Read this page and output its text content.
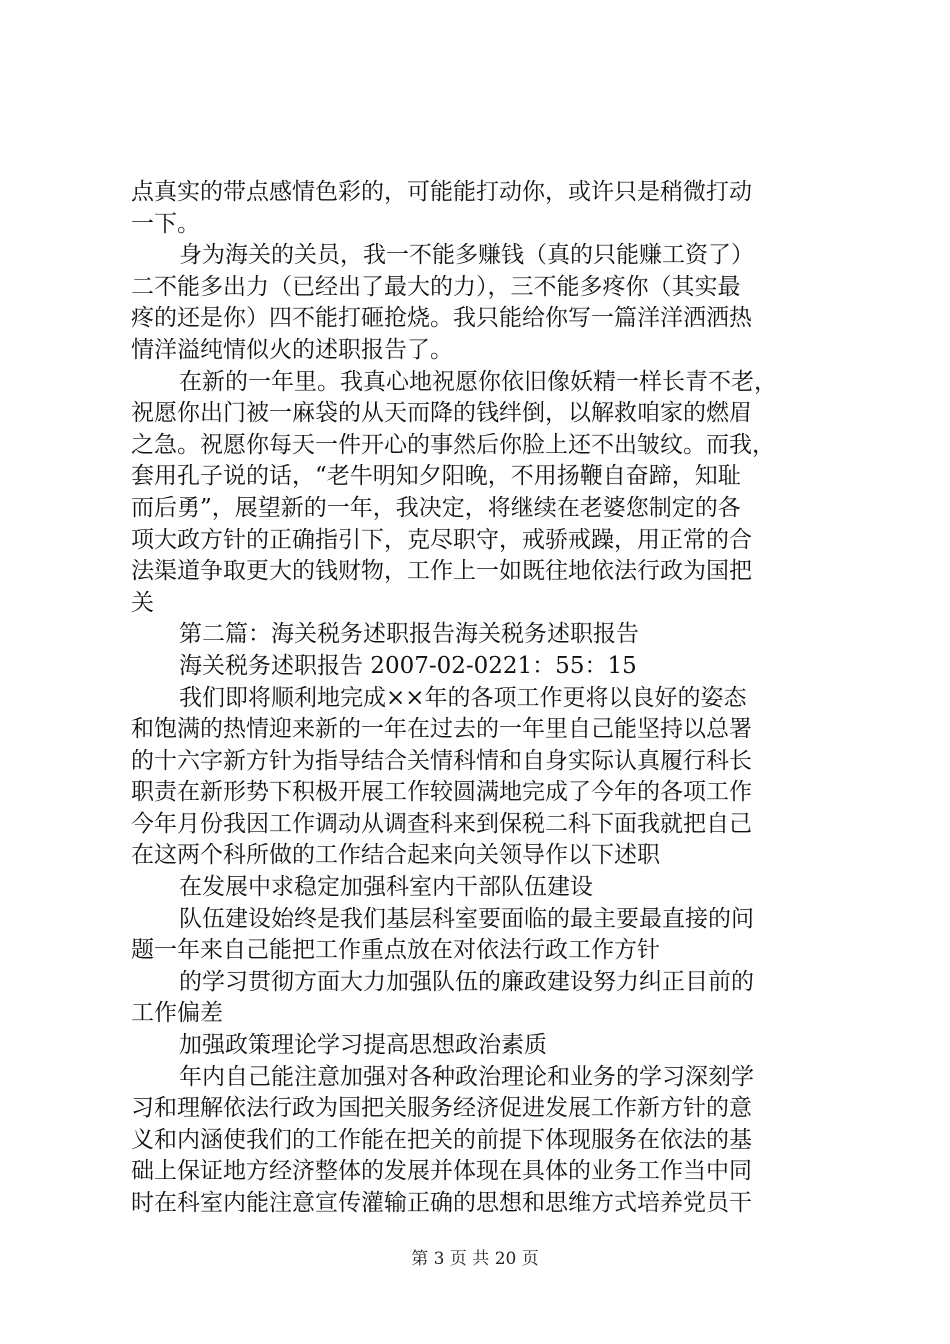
点真实的带点感情色彩的，可能能打动你，或许只是稍微打动
一下。
身为海关的关员，我一不能多赚钱（真的只能赚工资了）
二不能多出力（已经出了最大的力），三不能多疼你（其实最
疼的还是你）四不能打砸抢烧。我只能给你写一篇洋洋洒洒热
情洋溢纯情似火的述职报告了。
在新的一年里。我真心地祝愿你依旧像妖精一样长青不老，
祝愿你出门被一麻袋的从天而降的钱绊倒，以解救咱家的燃眉
之急。祝愿你每天一件开心的事然后你脸上还不出皱纹。而我，
套用孔子说的话，“老牛明知夕阳晚，不用扬鞭自奋蹄，知耻
而后勇”，展望新的一年，我决定，将继续在老婆您制定的各
项大政方针的正确指引下，克尽职守，戒骄戒躁，用正常的合
法渠道争取更大的钱财物，工作上一如既往地依法行政为国把
关
第二篇：海关税务述职报告海关税务述职报告
海关税务述职报告 2007-02-0221：55：15
我们即将顺利地完成××年的各项工作更将以良好的姿态
和饱满的热情迎来新的一年在过去的一年里自己能坚持以总署
的十六字新方针为指导结合关情科情和自身实际认真履行科长
职责在新形势下积极开展工作较圆满地完成了今年的各项工作
今年月份我因工作调动从调查科来到保税二科下面我就把自己
在这两个科所做的工作结合起来向关领导作以下述职
在发展中求稳定加强科室内干部队伍建设
队伍建设始终是我们基层科室要面临的最主要最直接的问
题一年来自己能把工作重点放在对依法行政工作方针
的学习贯彻方面大力加强队伍的廉政建设努力纠正目前的
工作偏差
加强政策理论学习提高思想政治素质
年内自己能注意加强对各种政治理论和业务的学习深刻学
习和理解依法行政为国把关服务经济促进发展工作新方针的意
义和内涵使我们的工作能在把关的前提下体现服务在依法的基
础上保证地方经济整体的发展并体现在具体的业务工作当中同
时在科室内能注意宣传灌输正确的思想和思维方式培养党员干
第 3 页 共 20 页
